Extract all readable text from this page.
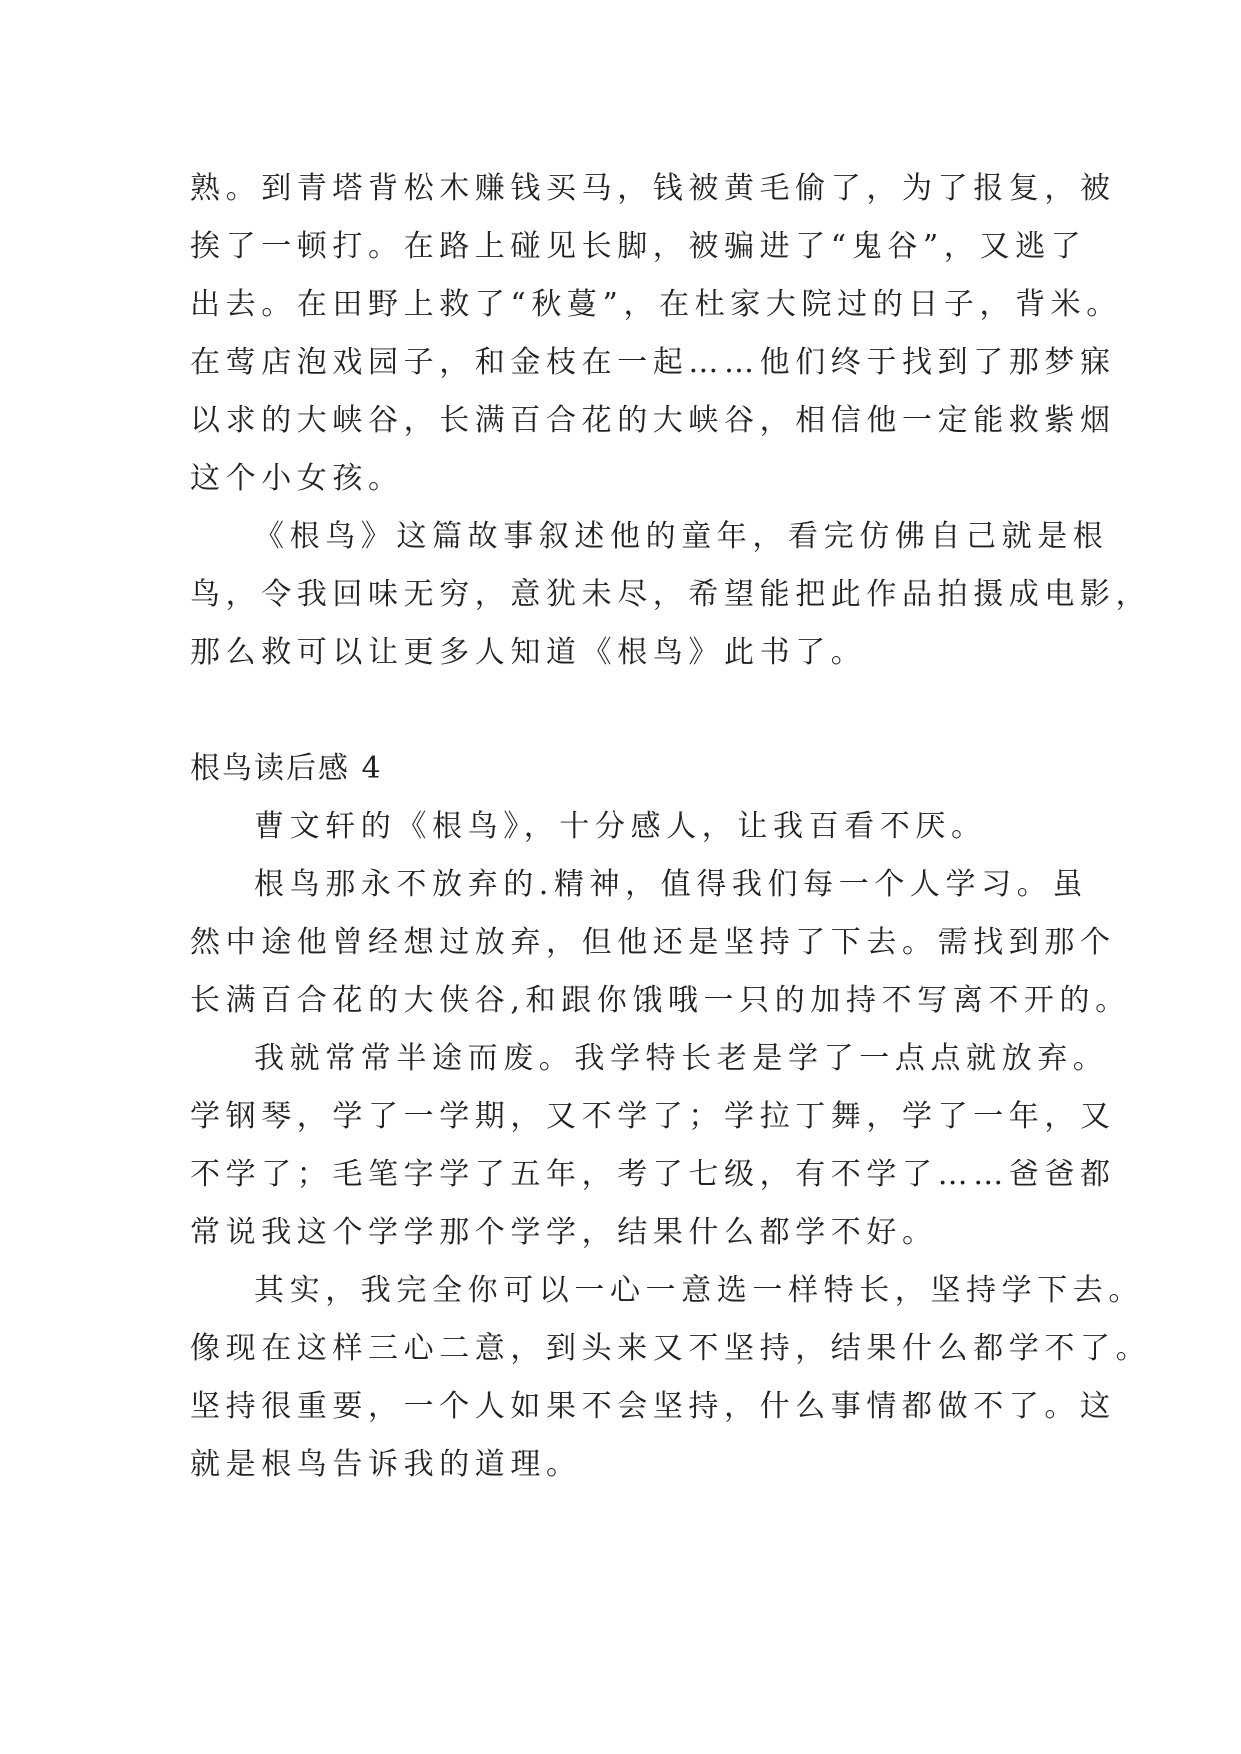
熟。到青塔背松木赚钱买马，钱被黄毛偷了，为了报复，被
挨了一顿打。在路上碰见长脚，被骗进了“鬼谷”，又逃了
出去。在田野上救了“秋蔓”，在杜家大院过的日子，背米。
在莺店泡戏园子，和金枝在一起……他们终于找到了那梦寐
以求的大峡谷，长满百合花的大峡谷，相信他一定能救紫烟
这个小女孩。
《根鸟》这篇故事叙述他的童年，看完仿佛自己就是根
鸟，令我回味无穷，意犹未尽，希望能把此作品拍摄成电影，
那么救可以让更多人知道《根鸟》此书了。
根鸟读后感 4
曹文轩的《根鸟》，十分感人，让我百看不厌。
根鸟那永不放弃的.精神，值得我们每一个人学习。虽
然中途他曾经想过放弃，但他还是坚持了下去。需找到那个
长满百合花的大侠谷,和跟你饿哦一只的加持不写离不开的。
我就常常半途而废。我学特长老是学了一点点就放弃。
学钢琴，学了一学期，又不学了；学拉丁舞，学了一年，又
不学了；毛笔字学了五年，考了七级，有不学了……爸爸都
常说我这个学学那个学学，结果什么都学不好。
其实，我完全你可以一心一意选一样特长，坚持学下去。
像现在这样三心二意，到头来又不坚持，结果什么都学不了。
坚持很重要，一个人如果不会坚持，什么事情都做不了。这
就是根鸟告诉我的道理。
